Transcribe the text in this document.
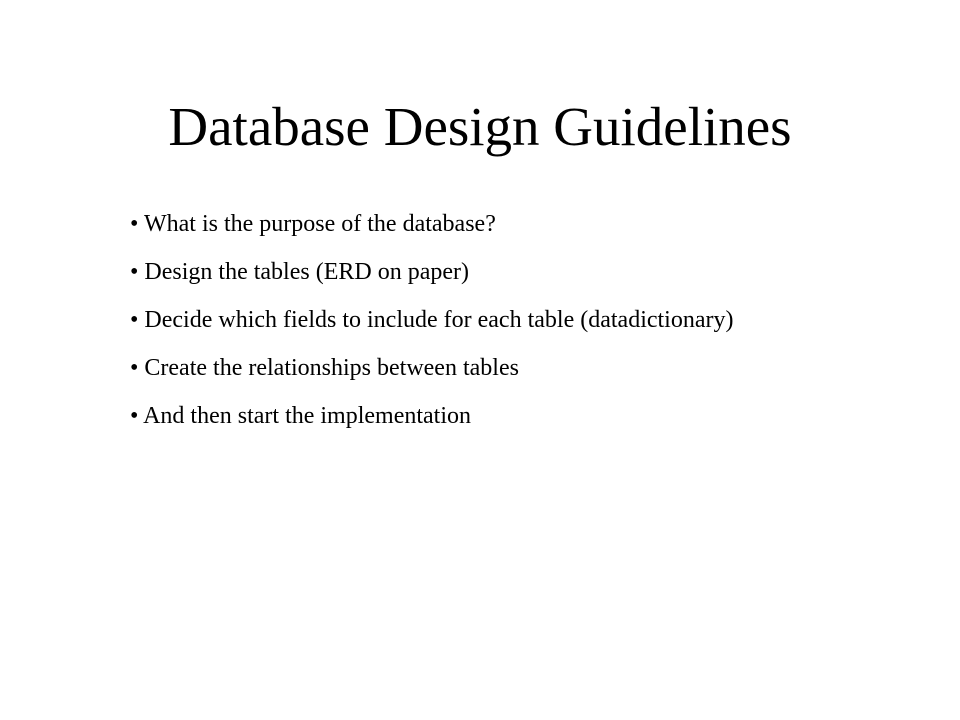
Database Design Guidelines
• What is the purpose of the database?
• Design the tables (ERD on paper)
• Decide which fields to include for each table (datadictionary)
• Create the relationships between tables
• And then start the implementation
